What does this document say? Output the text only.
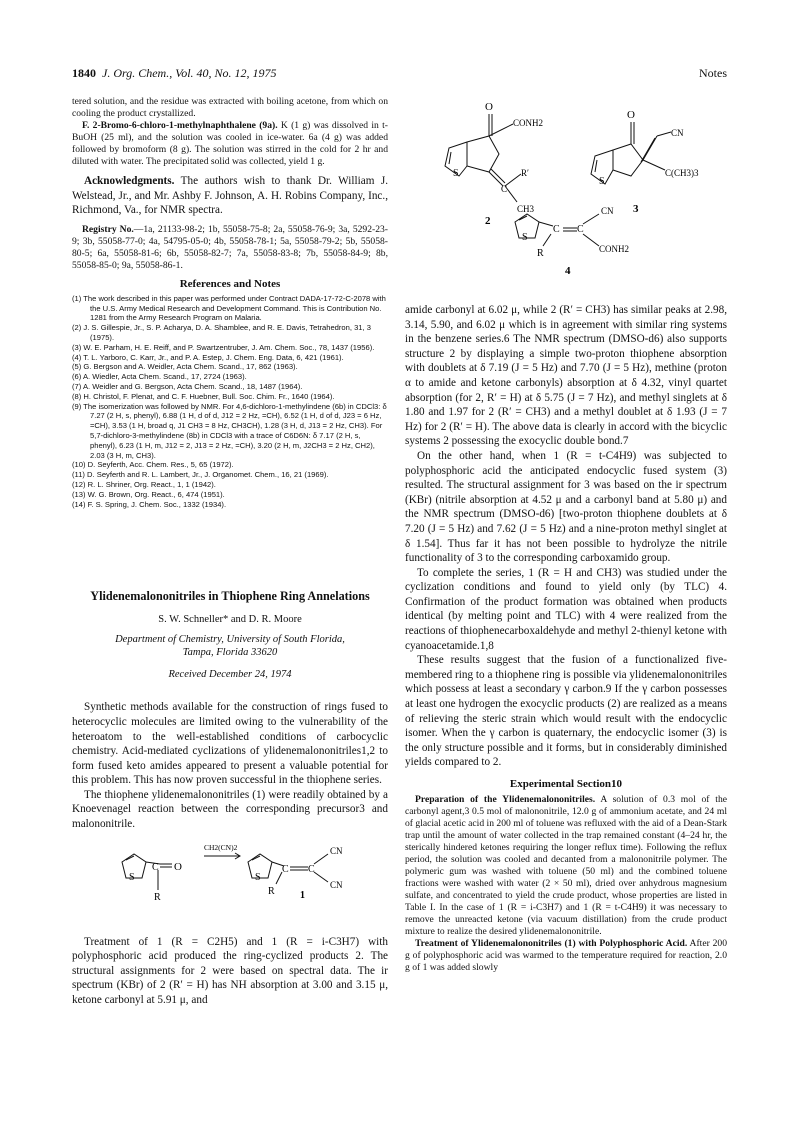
1840 J. Org. Chem., Vol. 40, No. 12, 1975	Notes

tered solution, and the residue was extracted with boiling acetone, from which on cooling the product crystallized.

F. 2-Bromo-6-chloro-1-methylnaphthalene (9a). K (1 g) was dissolved in t-BuOH (25 ml), and the solution was cooled in ice-water. 6a (4 g) was added followed by bromoform (8 g). The solution was stirred in the cold for 2 hr and diluted with water. The precipitated solid was collected, yield 1 g.

Acknowledgments. The authors wish to thank Dr. William J. Welstead, Jr., and Mr. Ashby F. Johnson, A. H. Robins Company, Inc., Richmond, Va., for NMR spectra.

Registry No.—1a, 21133-98-2; 1b, 55058-75-8; 2a, 55058-76-9; 3a, 5292-23-9; 3b, 55058-77-0; 4a, 54795-05-0; 4b, 55058-78-1; 5a, 55058-79-2; 5b, 55058-80-5; 6a, 55058-81-6; 6b, 55058-82-7; 7a, 55058-83-8; 7b, 55058-84-9; 8b, 55058-85-0; 9a, 55058-86-1.

References and Notes
(1) The work described in this paper was performed under Contract DADA-17-72-C-2078 with the U.S. Army Medical Research and Development Command. This is Contribution No. 1281 from the Army Research Program on Malaria.
(2) J. S. Gillespie, Jr., S. P. Acharya, D. A. Shamblee, and R. E. Davis, Tetrahedron, 31, 3 (1975).
(3) W. E. Parham, H. E. Reiff, and P. Swartzentruber, J. Am. Chem. Soc., 78, 1437 (1956).
(4) T. L. Yarboro, C. Karr, Jr., and P. A. Estep, J. Chem. Eng. Data, 6, 421 (1961).
(5) G. Bergson and A. Weidler, Acta Chem. Scand., 17, 862 (1963).
(6) A. Wiedler, Acta Chem. Scand., 17, 2724 (1963).
(7) A. Weidler and G. Bergson, Acta Chem. Scand., 18, 1487 (1964).
(8) H. Christol, F. Plenat, and C. F. Huebner, Bull. Soc. Chim. Fr., 1640 (1964).
(9) The isomerization was followed by NMR. For 4,6-dichloro-1-methylindene (6b) in CDCl3: δ 7.27 (2 H, s, phenyl), 6.88 (1 H, d of d, J12 = 2 Hz, =CH), 6.52 (1 H, d of d, J23 = 6 Hz, =CH), 3.53 (1 H, broad q, J1 CH3 = 8 Hz, CH3CH), 1.28 (3 H, d, J13 = 2 Hz, CH3). For 5,7-dichloro-3-methylindene (8b) in CDCl3 with a trace of C6D6N: δ 7.17 (2 H, s, phenyl), 6.23 (1 H, m, J12 = 2, J13 = 2 Hz, =CH), 3.20 (2 H, m, J2CH3 = 2 Hz, CH2), 2.03 (3 H, m, CH3).
(10) D. Seyferth, Acc. Chem. Res., 5, 65 (1972).
(11) D. Seyferth and R. L. Lambert, Jr., J. Organomet. Chem., 16, 21 (1969).
(12) R. L. Shriner, Org. React., 1, 1 (1942).
(13) W. G. Brown, Org. React., 6, 474 (1951).
(14) F. S. Spring, J. Chem. Soc., 1332 (1934).
Ylidenemalononitriles in Thiophene Ring Annelations
S. W. Schneller* and D. R. Moore
Department of Chemistry, University of South Florida,
Tampa, Florida 33620
Received December 24, 1974

Synthetic methods available for the construction of rings fused to heterocyclic molecules are limited owing to the vulnerability of the heteroatom to the well-established conditions of carbocyclic chemistry. Acid-mediated cyclizations of ylidenemalononitriles1,2 to form fused keto amides appeared to present a valuable potential for this problem. This has now proven successful in the thiophene series.

The thiophene ylidenemalononitriles (1) were readily obtained by a Knoevenagel reaction between the corresponding precursor3 and malononitrile.

S
C O
R
CH2(CN)2
S
C C
CN
CN
R	1

Treatment of 1 (R = C2H5) and 1 (R = i-C3H7) with polyphosphoric acid produced the ring-cyclized products 2. The structural assignments for 2 were based on spectral data. The ir spectrum (KBr) of 2 (R′ = H) has NH absorption at 3.00 and 3.15 μ, ketone carbonyl at 5.91 μ, and

O
CONH2
R′
C
CH3
S
2
O
CN
C(CH3)3
S
3
S
C C
CN
CONH2
R
4

amide carbonyl at 6.02 μ, while 2 (R′ = CH3) has similar peaks at 2.98, 3.14, 5.90, and 6.02 μ which is in agreement with similar ring systems in the benzene series.6 The NMR spectrum (DMSO-d6) also supports structure 2 by displaying a simple two-proton thiophene absorption with doublets at δ 7.19 (J = 5 Hz) and 7.70 (J = 5 Hz), methine (proton α to amide and ketone carbonyls) absorption at δ 4.32, vinyl quartet absorption (for 2, R′ = H) at δ 5.75 (J = 7 Hz), and methyl singlets at δ 1.80 and 1.97 for 2 (R′ = CH3) and a methyl doublet at δ 1.93 (J = 7 Hz) for 2 (R′ = H). The above data is clearly in accord with the bicyclic systems 2 possessing the exocyclic double bond.7

On the other hand, when 1 (R = t-C4H9) was subjected to polyphosphoric acid the anticipated endocyclic fused system (3) resulted. The structural assignment for 3 was based on the ir spectrum (KBr) (nitrile absorption at 4.52 μ and a carbonyl band at 5.80 μ) and the NMR spectrum (DMSO-d6) [two-proton thiophene doublets at δ 7.20 (J = 5 Hz) and 7.62 (J = 5 Hz) and a nine-proton methyl singlet at δ 1.54]. Thus far it has not been possible to hydrolyze the nitrile functionality of 3 to the corresponding carboxamido group.

To complete the series, 1 (R = H and CH3) was studied under the cyclization conditions and found to yield only (by TLC) 4. Confirmation of the product formation was obtained when products identical (by melting point and TLC) with 4 were realized from the reactions of thiophenecarboxaldehyde and methyl 2-thienyl ketone with cyanoacetamide.1,8

These results suggest that the fusion of a functionalized five-membered ring to a thiophene ring is possible via ylidenemalononitriles which possess at least a secondary γ carbon.9 If the γ carbon possesses at least one hydrogen the exocyclic products (2) are realized as a means of relieving the steric strain which would result with the endocyclic isomer. When the γ carbon is quaternary, the endocyclic isomer (3) is the only structure possible and it forms, but in considerably diminished yields compared to 2.

Experimental Section10

Preparation of the Ylidenemalononitriles. A solution of 0.3 mol of the carbonyl agent,3 0.5 mol of malononitrile, 12.0 g of ammonium acetate, and 24 ml of glacial acetic acid in 200 ml of toluene was refluxed with the aid of a Dean-Stark trap until the amount of water collected in the trap remained constant (4–24 hr, the sterically hindered ketones requiring the longer reflux time). Following the reflux period, the solution was cooled and decanted from a malononitrile polymer. The polymeric gum was washed with toluene (50 ml) and the combined toluene fractions were washed with water (2 × 50 ml), dried over anhydrous magnesium sulfate, and concentrated to yield the crude product, whose properties are listed in Table I. In the case of 1 (R = i-C3H7) and 1 (R = t-C4H9) it was necessary to remove the unreacted ketone (via vacuum distillation) from the crude product mixture to realize the desired ylidenemalononitrile.

Treatment of Ylidenemalononitriles (1) with Polyphosphoric Acid. After 200 g of polyphosphoric acid was warmed to the temperature required for reaction, 2.0 g of 1 was added slowly
